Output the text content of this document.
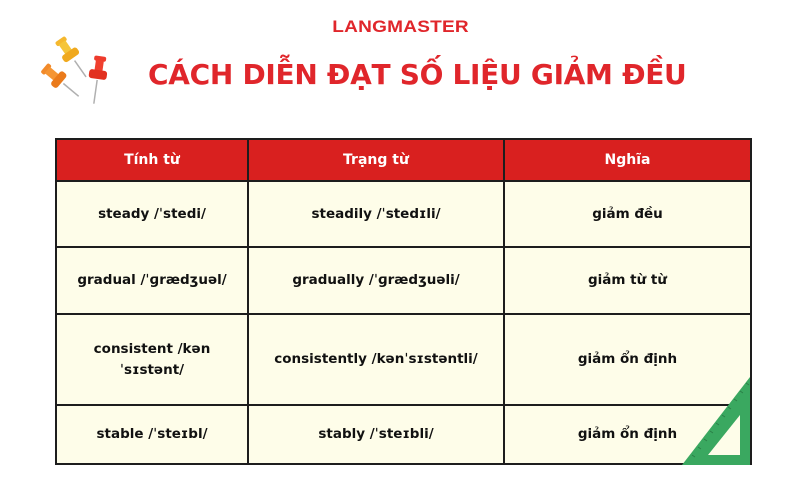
LANGMASTER
CÁCH DIỄN ĐẠT SỐ LIỆU GIẢM ĐỀU
Tính từ	Trạng từ	Nghĩa
steady /ˈstedi/	steadily /ˈstedɪli/	giảm đều
gradual /ˈɡrædʒuəl/	gradually /ˈɡrædʒuəli/	giảm từ từ
consistent /kən ˈsɪstənt/	consistently /kənˈsɪstəntli/	giảm ổn định
stable /ˈsteɪbl/	stably /ˈsteɪbli/	giảm ổn định
